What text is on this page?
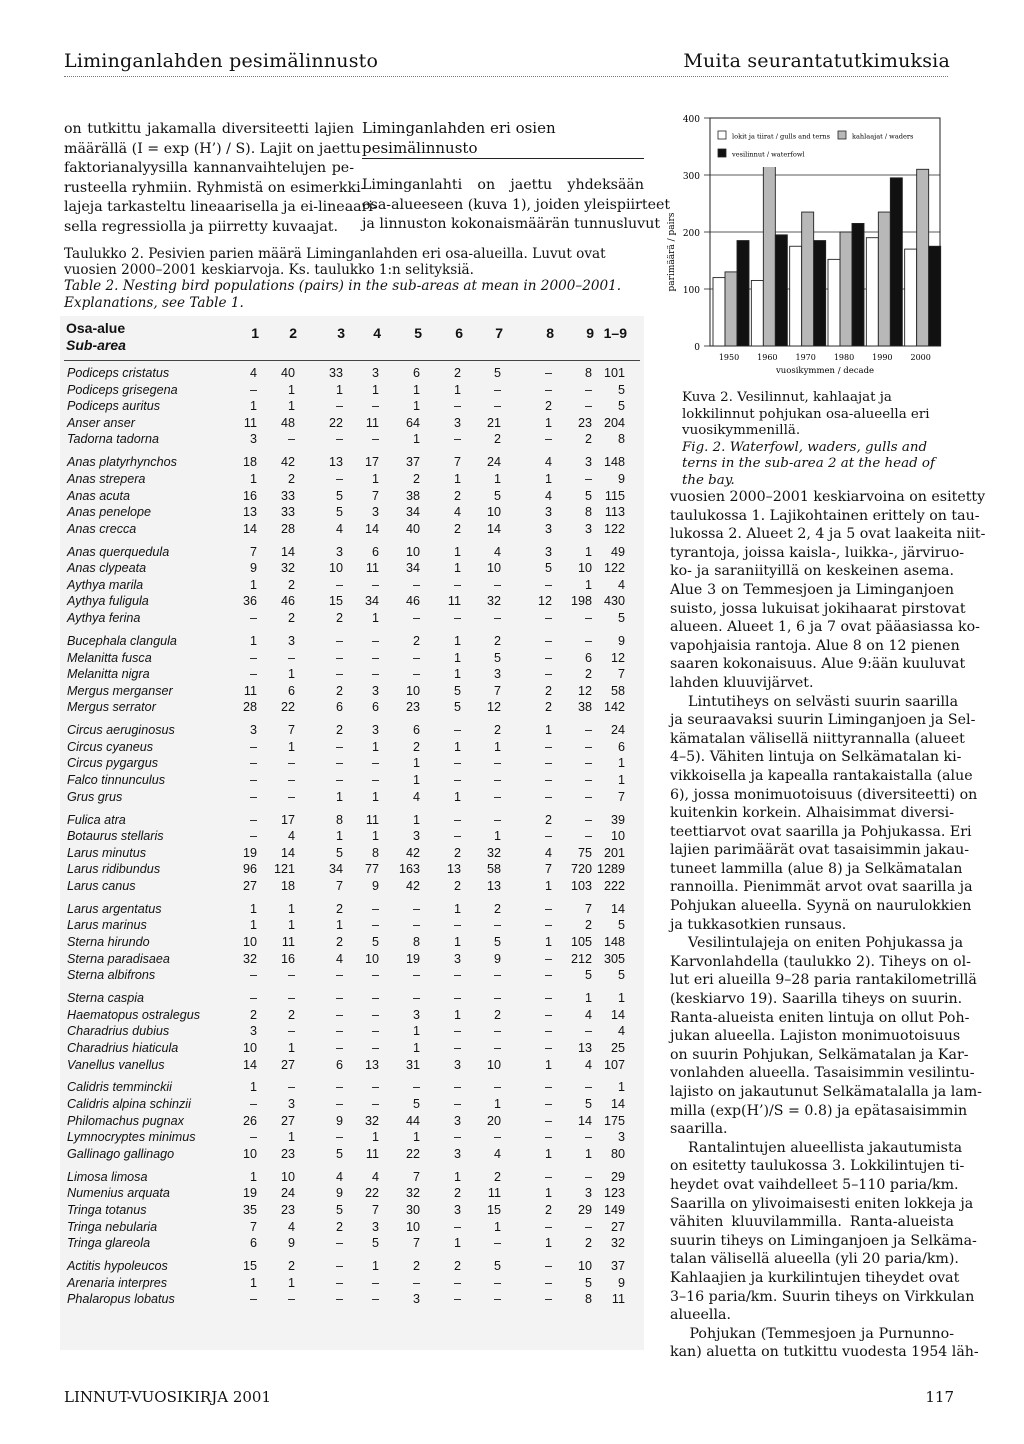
Liminganlahden pesimälinnusto	Muita seurantatutkimuksia
on tutkittu jakamalla diversiteetti lajien
määrällä (I = exp (H’) / S). Lajit on jaettu
faktorianalyysilla kannanvaihtelujen pe-
rusteella ryhmiin. Ryhmistä on esimerkki-
lajeja tarkasteltu lineaarisella ja ei-lineaari-
sella regressiolla ja piirretty kuvaajat.
Liminganlahden eri osien
pesimälinnusto
Liminganlahti on jaettu yhdeksään
osa-alueeseen (kuva 1), joiden yleispiirteet
ja linnuston kokonaismäärän tunnusluvut
Taulukko 2. Pesivien parien määrä Liminganlahden eri osa-alueilla. Luvut ovat vuosien 2000–2001 keskiarvoja. Ks. taulukko 1:n selityksiä.
Table 2. Nesting bird populations (pairs) in the sub-areas at mean in 2000–2001. Explanations, see Table 1.
Osa-alue
Sub-area
1	2	3	4	5	6	7	8	9 1–9
Podiceps cristatus	4	40	33	3	6	2	5	–	8 101
Podiceps grisegena	–	1	1	1	1	1	–	–	–	5
Podiceps auritus	1	1	–	–	1	–	–	2	–	5
Anser anser	11	48	22	11	64	3	21	1	23 204
Tadorna tadorna	3	–	–	–	1	–	2	–	2	8
Anas platyrhynchos	18	42	13	17	37	7	24	4	3 148
Anas strepera	1	2	–	1	2	1	1	1	–	9
Anas acuta	16	33	5	7	38	2	5	4	5	115
Anas penelope	13	33	5	3	34	4	10	3	8	113
Anas crecca	14	28	4	14	40	2	14	3	3 122
Anas querquedula	7	14	3	6	10	1	4	3	1	49
Anas clypeata	9	32	10	11	34	1	10	5	10 122
Aythya marila	1	2	–	–	–	–	–	–	1	4
Aythya fuligula	36	46	15	34	46	11	32	12	198 430
Aythya ferina	–	2	2	1	–	–	–	–	–	5
Bucephala clangula	1	3	–	–	2	1	2	–	–	9
Melanitta fusca	–	–	–	–	–	1	5	–	6	12
Melanitta nigra	–	1	–	–	–	1	3	–	2	7
Mergus merganser	11	6	2	3	10	5	7	2	12	58
Mergus serrator	28	22	6	6	23	5	12	2	38 142
Circus aeruginosus	3	7	2	3	6	–	2	1	–	24
Circus cyaneus	–	1	–	1	2	1	1	–	–	6
Circus pygargus	–	–	–	–	1	–	–	–	–	1
Falco tinnunculus	–	–	–	–	1	–	–	–	–	1
Grus grus	–	–	1	1	4	1	–	–	–	7
Fulica atra	–	17	8	11	1	–	–	2	–	39
Botaurus stellaris	–	4	1	1	3	–	1	–	–	10
Larus minutus	19	14	5	8	42	2	32	4	75 201
Larus ridibundus	96	121	34	77	163	13	58	7	720 1289
Larus canus	27	18	7	9	42	2	13	1	103 222
Larus argentatus	1	1	2	–	–	1	2	–	7	14
Larus marinus	1	1	1	–	–	–	–	–	2	5
Sterna hirundo	10	11	2	5	8	1	5	1	105 148
Sterna paradisaea	32	16	4	10	19	3	9	–	212 305
Sterna albifrons	–	–	–	–	–	–	–	–	5	5
Sterna caspia	–	–	–	–	–	–	–	–	1	1
Haematopus ostralegus	2	2	–	–	3	1	2	–	4	14
Charadrius dubius	3	–	–	–	1	–	–	–	–	4
Charadrius hiaticula	10	1	–	–	1	–	–	–	13	25
Vanellus vanellus	14	27	6	13	31	3	10	1	4 107
Calidris temminckii	1	–	–	–	–	–	–	–	–	1
Calidris alpina schinzii	–	3	–	–	5	–	1	–	5	14
Philomachus pugnax	26	27	9	32	44	3	20	–	14 175
Lymnocryptes minimus	–	1	–	1	1	–	–	–	–	3
Gallinago gallinago	10	23	5	11	22	3	4	1	1	80
Limosa limosa	1	10	4	4	7	1	2	–	–	29
Numenius arquata	19	24	9	22	32	2	11	1	3 123
Tringa totanus	35	23	5	7	30	3	15	2	29 149
Tringa nebularia	7	4	2	3	10	–	1	–	–	27
Tringa glareola	6	9	–	5	7	1	–	1	2	32
Actitis hypoleucos	15	2	–	1	2	2	5	–	10	37
Arenaria interpres	1	1	–	–	–	–	–	–	5	9
Phalaropus lobatus	–	–	–	–	3	–	–	–	8	11
0
100
200
300
400
parimäärä / pairs
1950 1960 1970 1980 1990 2000
vuosikymmen / decade
lokit ja tiirat / gulls and terns	kahlaajat / waders
vesilinnut / waterfowl
Kuva 2. Vesilinnut, kahlaajat ja lokkilinnut pohjukan osa-alueella eri vuosikymmenillä.
Fig. 2. Waterfowl, waders, gulls and terns in the sub-area 2 at the head of the bay.
vuosien 2000–2001 keskiarvoina on esitetty
taulukossa 1. Lajikohtainen erittely on tau-
lukossa 2. Alueet 2, 4 ja 5 ovat laakeita niit-
tyrantoja, joissa kaisla-, luikka-, järviruo-
ko- ja saraniityillä on keskeinen asema.
Alue 3 on Temmesjoen ja Liminganjoen
suisto, jossa lukuisat jokihaarat pirstovat
alueen. Alueet 1, 6 ja 7 ovat pääasiassa ko-
vapohjaisia rantoja. Alue 8 on 12 pienen
saaren kokonaisuus. Alue 9:ään kuuluvat
lahden kluuvijärvet.
Lintutiheys on selvästi suurin saarilla
ja seuraavaksi suurin Liminganjoen ja Sel-
kämatalan välisellä niittyrannalla (alueet
4–5). Vähiten lintuja on Selkämatalan ki-
vikkoisella ja kapealla rantakaistalla (alue
6), jossa monimuotoisuus (diversiteetti) on
kuitenkin korkein. Alhaisimmat diversi-
teettiarvot ovat saarilla ja Pohjukassa. Eri
lajien parimäärät ovat tasaisimmin jakau-
tuneet lammilla (alue 8) ja Selkämatalan
rannoilla. Pienimmät arvot ovat saarilla ja
Pohjukan alueella. Syynä on naurulokkien
ja tukkasotkien runsaus.
Vesilintulajeja on eniten Pohjukassa ja
Karvonlahdella (taulukko 2). Tiheys on ol-
lut eri alueilla 9–28 paria rantakilometrillä
(keskiarvo 19). Saarilla tiheys on suurin.
Ranta-alueista eniten lintuja on ollut Poh-
jukan alueella. Lajiston monimuotoisuus
on suurin Pohjukan, Selkämatalan ja Kar-
vonlahden alueella. Tasaisimmin vesilintu-
lajisto on jakautunut Selkämatalalla ja lam-
milla (exp(H’)/S = 0.8) ja epätasaisimmin
saarilla.
Rantalintujen alueellista jakautumista
on esitetty taulukossa 3. Lokkilintujen ti-
heydet ovat vaihdelleet 5–110 paria/km.
Saarilla on ylivoimaisesti eniten lokkeja ja
vähiten kluuvilammilla. Ranta-alueista
suurin tiheys on Liminganjoen ja Selkäma-
talan välisellä alueella (yli 20 paria/km).
Kahlaajien ja kurkilintujen tiheydet ovat
3–16 paria/km. Suurin tiheys on Virkkulan
alueella.
Pohjukan (Temmesjoen ja Purnunno-
kan) aluetta on tutkittu vuodesta 1954 läh-
LINNUT-VUOSIKIRJA 2001	117
